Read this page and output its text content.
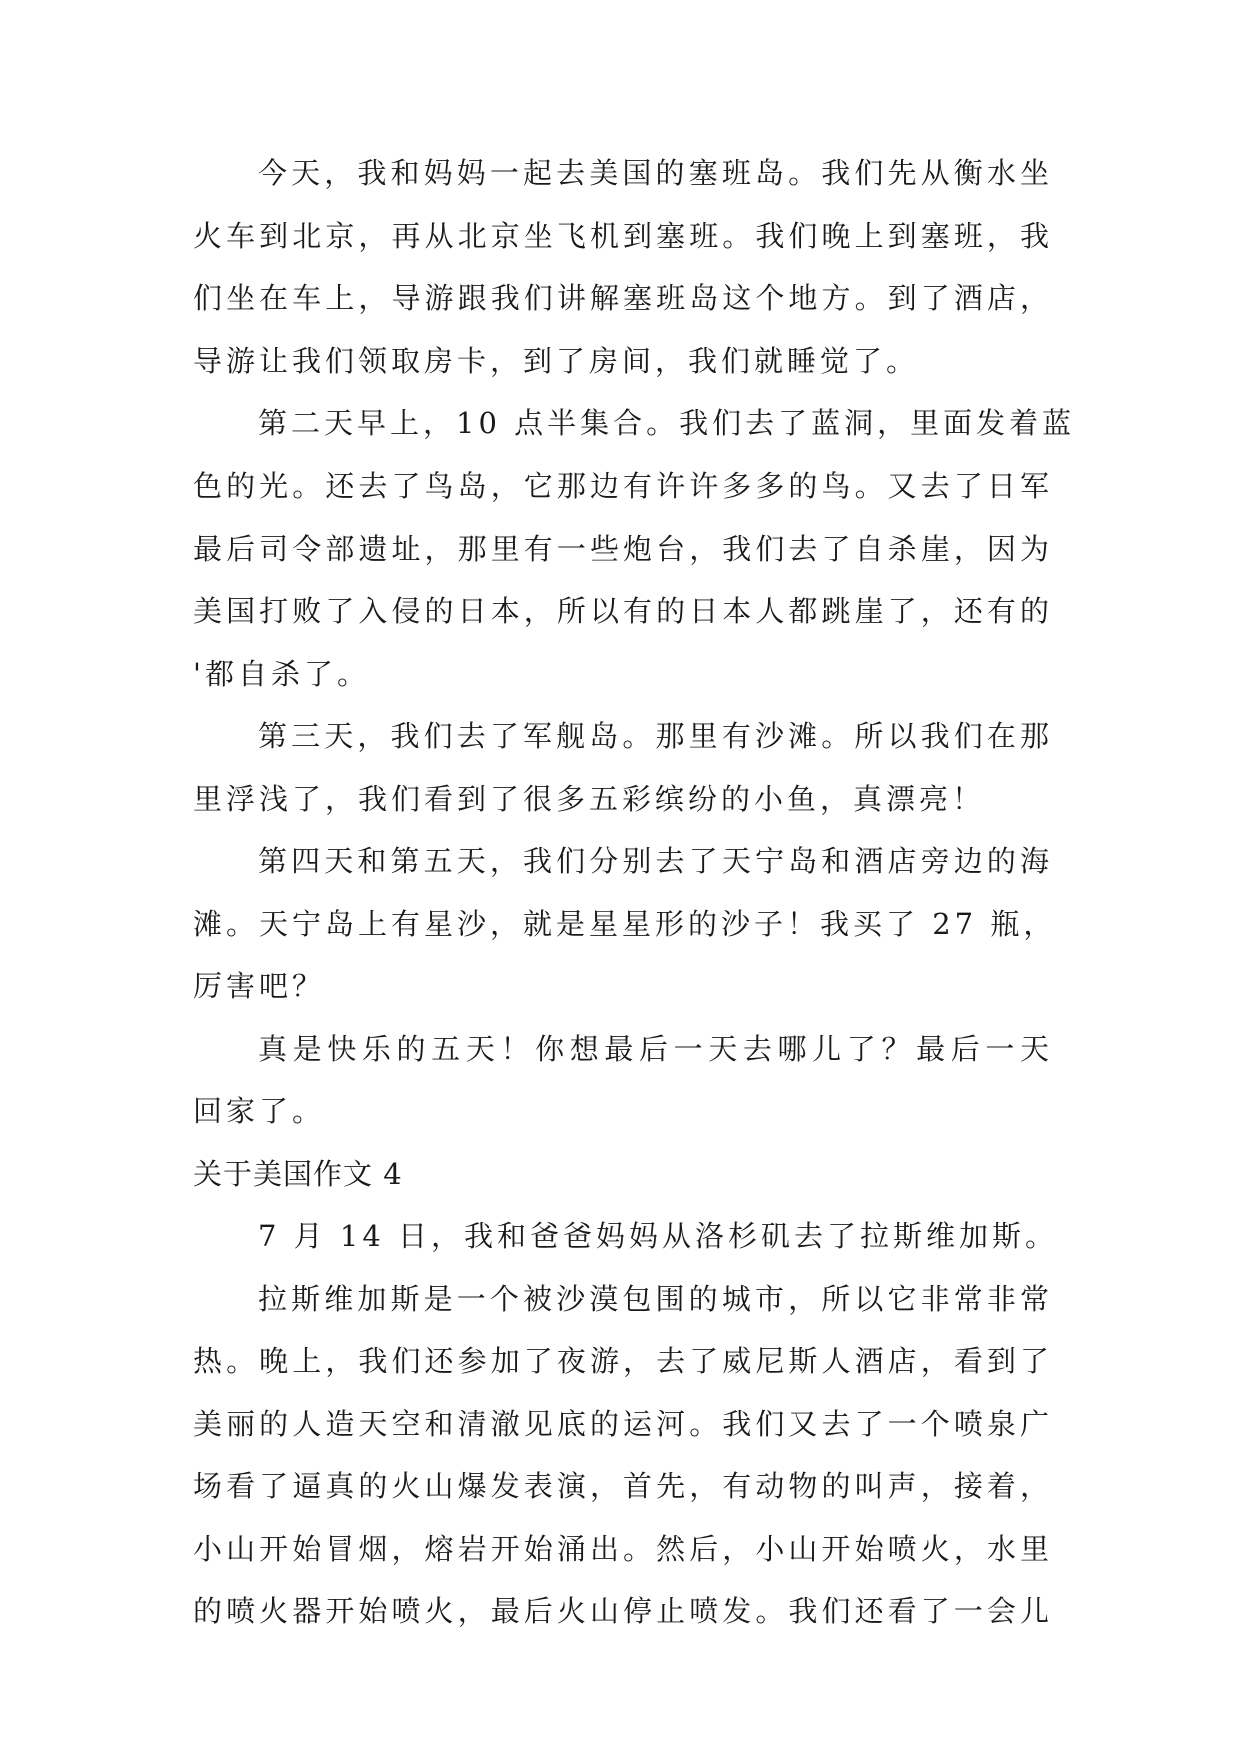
今天，我和妈妈一起去美国的塞班岛。我们先从衡水坐
火车到北京，再从北京坐飞机到塞班。我们晚上到塞班，我
们坐在车上，导游跟我们讲解塞班岛这个地方。到了酒店，
导游让我们领取房卡，到了房间，我们就睡觉了。
第二天早上，10 点半集合。我们去了蓝洞，里面发着蓝
色的光。还去了鸟岛，它那边有许许多多的鸟。又去了日军
最后司令部遗址，那里有一些炮台，我们去了自杀崖，因为
美国打败了入侵的日本，所以有的日本人都跳崖了，还有的
'都自杀了。
第三天，我们去了军舰岛。那里有沙滩。所以我们在那
里浮浅了，我们看到了很多五彩缤纷的小鱼，真漂亮！
第四天和第五天，我们分别去了天宁岛和酒店旁边的海
滩。天宁岛上有星沙，就是星星形的沙子！我买了 27 瓶，
厉害吧？
真是快乐的五天！你想最后一天去哪儿了？最后一天
回家了。
关于美国作文 4
7 月 14 日，我和爸爸妈妈从洛杉矶去了拉斯维加斯。
拉斯维加斯是一个被沙漠包围的城市，所以它非常非常
热。晚上，我们还参加了夜游，去了威尼斯人酒店，看到了
美丽的人造天空和清澈见底的运河。我们又去了一个喷泉广
场看了逼真的火山爆发表演，首先，有动物的叫声，接着，
小山开始冒烟，熔岩开始涌出。然后，小山开始喷火，水里
的喷火器开始喷火，最后火山停止喷发。我们还看了一会儿
